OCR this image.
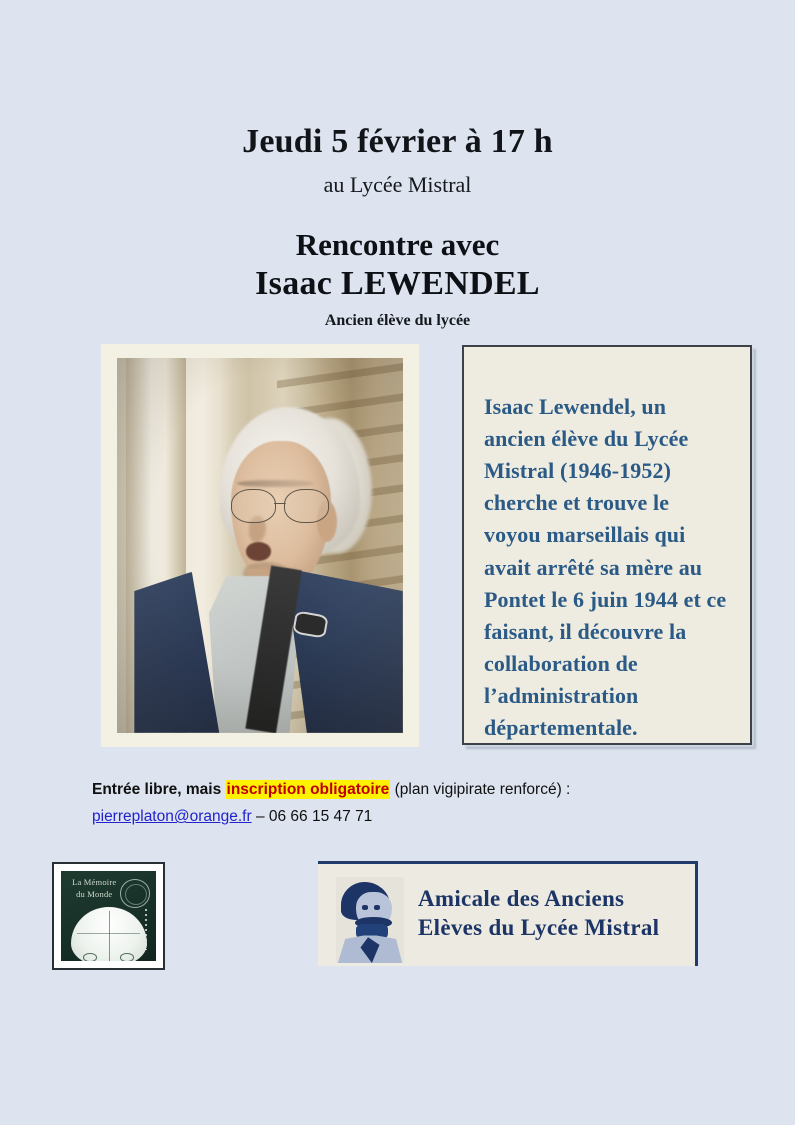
Jeudi 5 février à 17 h
au Lycée Mistral
Rencontre avec
Isaac LEWENDEL
Ancien élève du lycée
Isaac Lewendel, un ancien élève du Lycée Mistral (1946-1952) cherche et trouve le voyou marseillais qui avait arrêté sa mère au Pontet le 6 juin 1944 et ce faisant, il découvre la collaboration de l’administration départementale.
Entrée libre, mais inscription obligatoire (plan vigipirate renforcé) :
pierreplaton@orange.fr – 06 66 15 47 71
La Mémoire
du Monde	Amicale des Anciens
Elèves du Lycée Mistral
